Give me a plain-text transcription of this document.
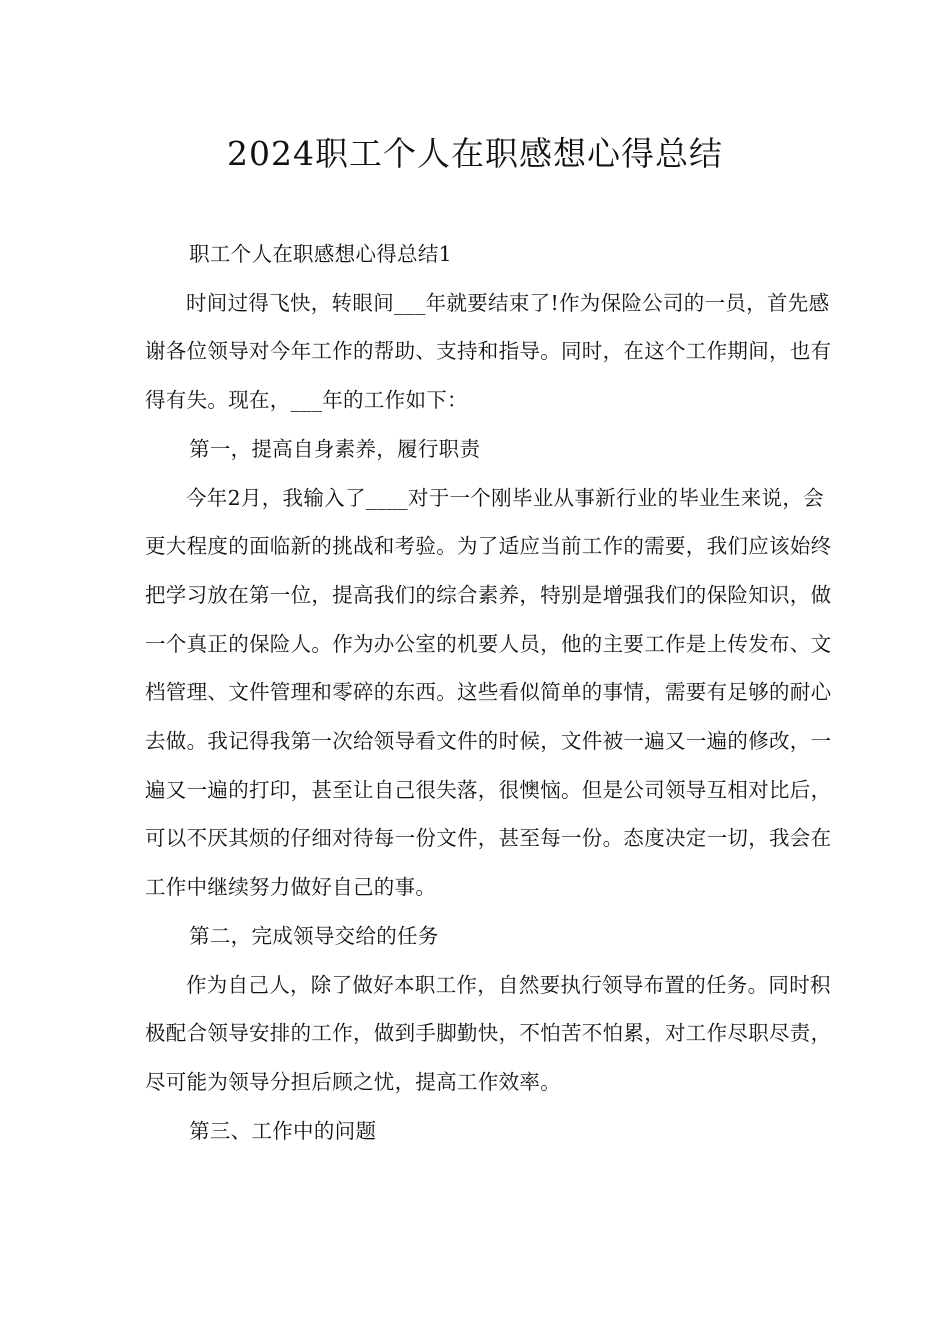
2024职工个人在职感想心得总结

职工个人在职感想心得总结1

时间过得飞快，转眼间___年就要结束了!作为保险公司的一员，首先感谢各位领导对今年工作的帮助、支持和指导。同时，在这个工作期间，也有得有失。现在，___年的工作如下：

第一，提高自身素养，履行职责

今年2月，我输入了____对于一个刚毕业从事新行业的毕业生来说，会更大程度的面临新的挑战和考验。为了适应当前工作的需要，我们应该始终把学习放在第一位，提高我们的综合素养，特别是增强我们的保险知识，做一个真正的保险人。作为办公室的机要人员，他的主要工作是上传发布、文档管理、文件管理和零碎的东西。这些看似简单的事情，需要有足够的耐心去做。我记得我第一次给领导看文件的时候，文件被一遍又一遍的修改，一遍又一遍的打印，甚至让自己很失落，很懊恼。但是公司领导互相对比后，可以不厌其烦的仔细对待每一份文件，甚至每一份。态度决定一切，我会在工作中继续努力做好自己的事。

第二，完成领导交给的任务

作为自己人，除了做好本职工作，自然要执行领导布置的任务。同时积极配合领导安排的工作，做到手脚勤快，不怕苦不怕累，对工作尽职尽责，尽可能为领导分担后顾之忧，提高工作效率。

第三、工作中的问题
